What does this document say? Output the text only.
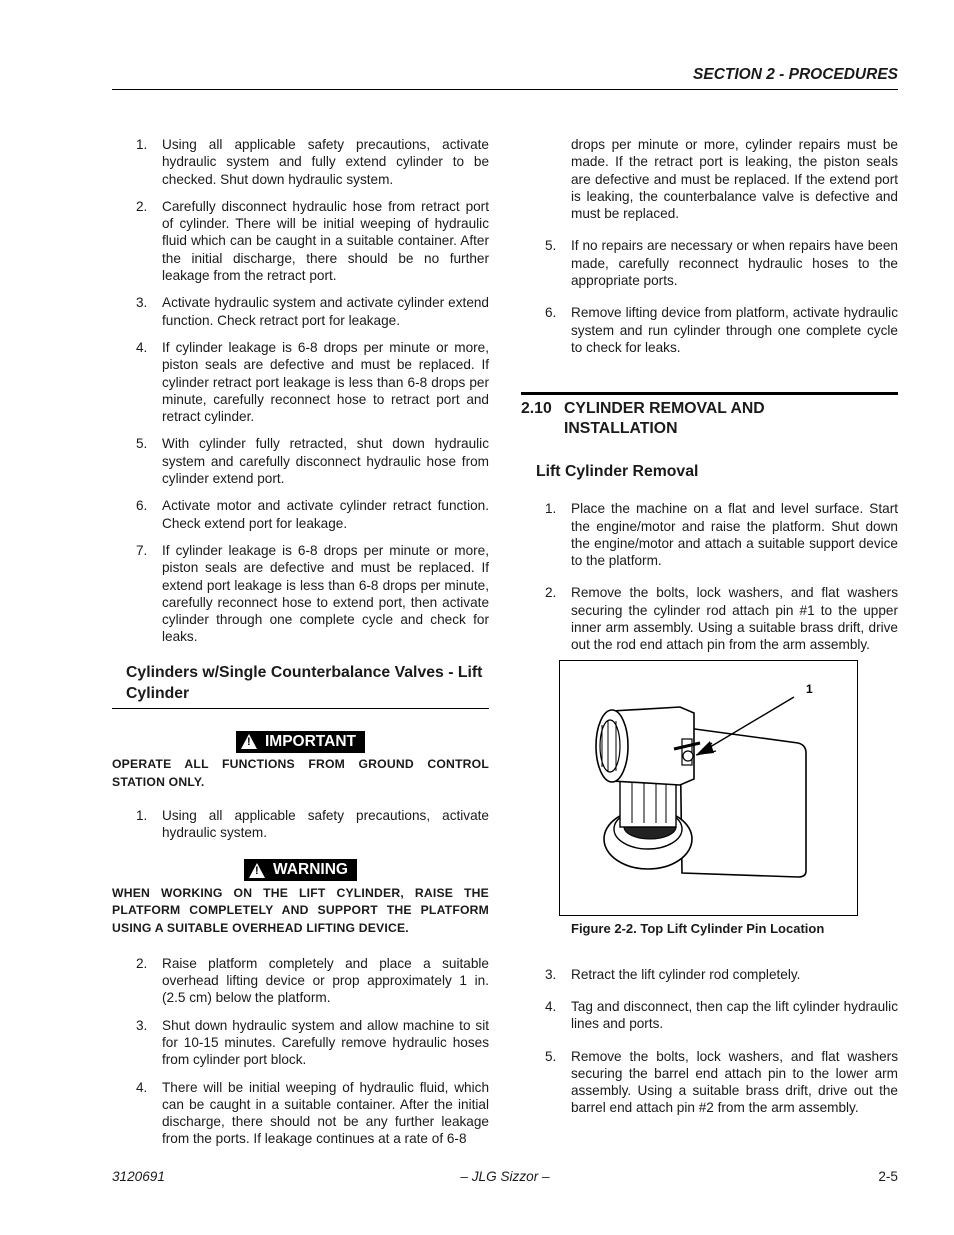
SECTION 2 - PROCEDURES
1.	Using all applicable safety precautions, activate hydraulic system and fully extend cylinder to be checked. Shut down hydraulic system.
2.	Carefully disconnect hydraulic hose from retract port of cylinder. There will be initial weeping of hydraulic fluid which can be caught in a suitable container. After the initial discharge, there should be no further leakage from the retract port.
3.	Activate hydraulic system and activate cylinder extend function. Check retract port for leakage.
4.	If cylinder leakage is 6-8 drops per minute or more, piston seals are defective and must be replaced. If cylinder retract port leakage is less than 6-8 drops per minute, carefully reconnect hose to retract port and retract cylinder.
5.	With cylinder fully retracted, shut down hydraulic system and carefully disconnect hydraulic hose from cylinder extend port.
6.	Activate motor and activate cylinder retract function. Check extend port for leakage.
7.	If cylinder leakage is 6-8 drops per minute or more, piston seals are defective and must be replaced. If extend port leakage is less than 6-8 drops per minute, carefully reconnect hose to extend port, then activate cylinder through one complete cycle and check for leaks.
Cylinders w/Single Counterbalance Valves - Lift Cylinder
!
IMPORTANT
OPERATE ALL FUNCTIONS FROM GROUND CONTROL STATION ONLY.
1.	Using all applicable safety precautions, activate hydraulic system.
!
WARNING
WHEN WORKING ON THE LIFT CYLINDER, RAISE THE PLATFORM COMPLETELY AND SUPPORT THE PLATFORM USING A SUITABLE OVERHEAD LIFTING DEVICE.
2.	Raise platform completely and place a suitable overhead lifting device or prop approximately 1 in. (2.5 cm) below the platform.
3.	Shut down hydraulic system and allow machine to sit for 10-15 minutes. Carefully remove hydraulic hoses from cylinder port block.
4.	There will be initial weeping of hydraulic fluid, which can be caught in a suitable container. After the initial discharge, there should not be any further leakage from the ports. If leakage continues at a rate of 6-8
drops per minute or more, cylinder repairs must be made. If the retract port is leaking, the piston seals are defective and must be replaced. If the extend port is leaking, the counterbalance valve is defective and must be replaced.
5.	If no repairs are necessary or when repairs have been made, carefully reconnect hydraulic hoses to the appropriate ports.
6.	Remove lifting device from platform, activate hydraulic system and run cylinder through one complete cycle to check for leaks.
2.10 CYLINDER REMOVAL AND INSTALLATION
Lift Cylinder Removal
1.	Place the machine on a flat and level surface. Start the engine/motor and raise the platform. Shut down the engine/motor and attach a suitable support device to the platform.
2.	Remove the bolts, lock washers, and flat washers securing the cylinder rod attach pin #1 to the upper inner arm assembly. Using a suitable brass drift, drive out the rod end attach pin from the arm assembly.
1
Figure 2-2. Top Lift Cylinder Pin Location
3.	Retract the lift cylinder rod completely.
4.	Tag and disconnect, then cap the lift cylinder hydraulic lines and ports.
5.	Remove the bolts, lock washers, and flat washers securing the barrel end attach pin to the lower arm assembly. Using a suitable brass drift, drive out the barrel end attach pin #2 from the arm assembly.
3120691	– JLG Sizzor –	2-5
